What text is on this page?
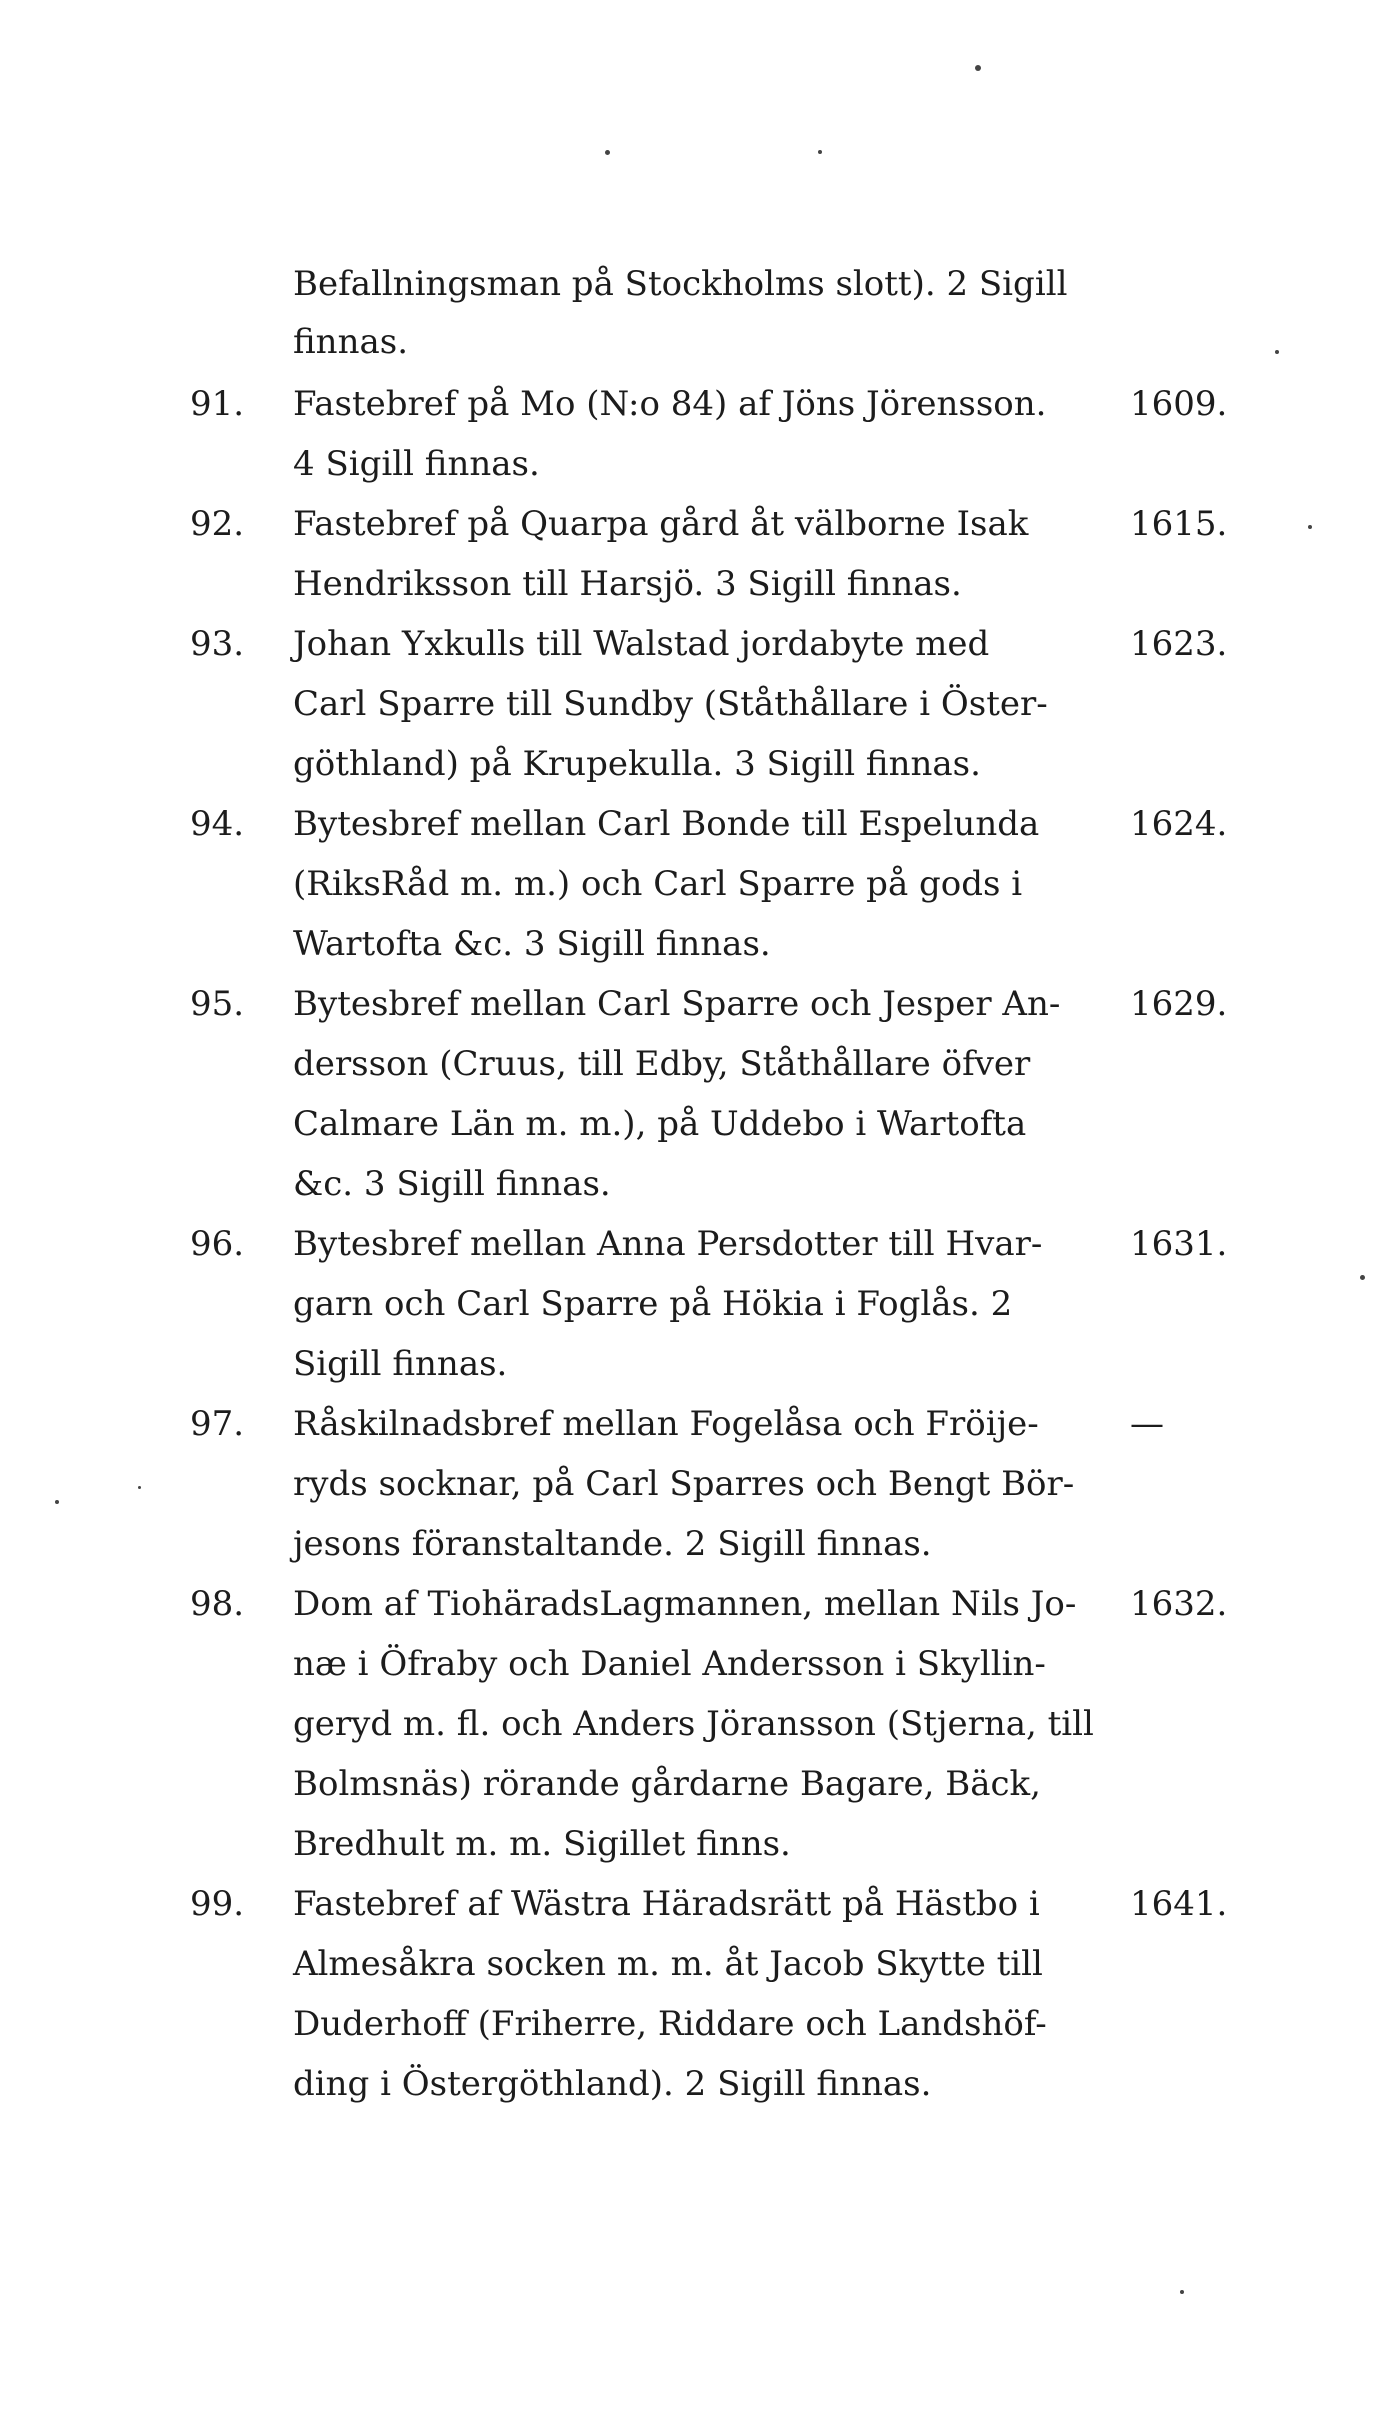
Befallningsman på Stockholms slott). 2 Sigill
finnas.
91.	Fastebref på Mo (N:o 84) af Jöns Jörensson.	1609.
4 Sigill finnas.
92.	Fastebref på Quarpa gård åt välborne Isak	1615.
Hendriksson till Harsjö. 3 Sigill finnas.
93.	Johan Yxkulls till Walstad jordabyte med	1623.
Carl Sparre till Sundby (Ståthållare i Öster-
göthland) på Krupekulla. 3 Sigill finnas.
94.	Bytesbref mellan Carl Bonde till Espelunda	1624.
(RiksRåd m. m.) och Carl Sparre på gods i
Wartofta &c. 3 Sigill finnas.
95.	Bytesbref mellan Carl Sparre och Jesper An-	1629.
dersson (Cruus, till Edby, Ståthållare öfver
Calmare Län m. m.), på Uddebo i Wartofta
&c. 3 Sigill finnas.
96.	Bytesbref mellan Anna Persdotter till Hvar-	1631.
garn och Carl Sparre på Hökia i Foglås. 2
Sigill finnas.
97.	Råskilnadsbref mellan Fogelåsa och Fröije-	—
ryds socknar, på Carl Sparres och Bengt Bör-
jesons föranstaltande. 2 Sigill finnas.
98.	Dom af TiohäradsLagmannen, mellan Nils Jo-	1632.
næ i Öfraby och Daniel Andersson i Skyllin-
geryd m. fl. och Anders Jöransson (Stjerna, till
Bolmsnäs) rörande gårdarne Bagare, Bäck,
Bredhult m. m. Sigillet finns.
99.	Fastebref af Wästra Häradsrätt på Hästbo i	1641.
Almesåkra socken m. m. åt Jacob Skytte till
Duderhoff (Friherre, Riddare och Landshöf-
ding i Östergöthland). 2 Sigill finnas.
